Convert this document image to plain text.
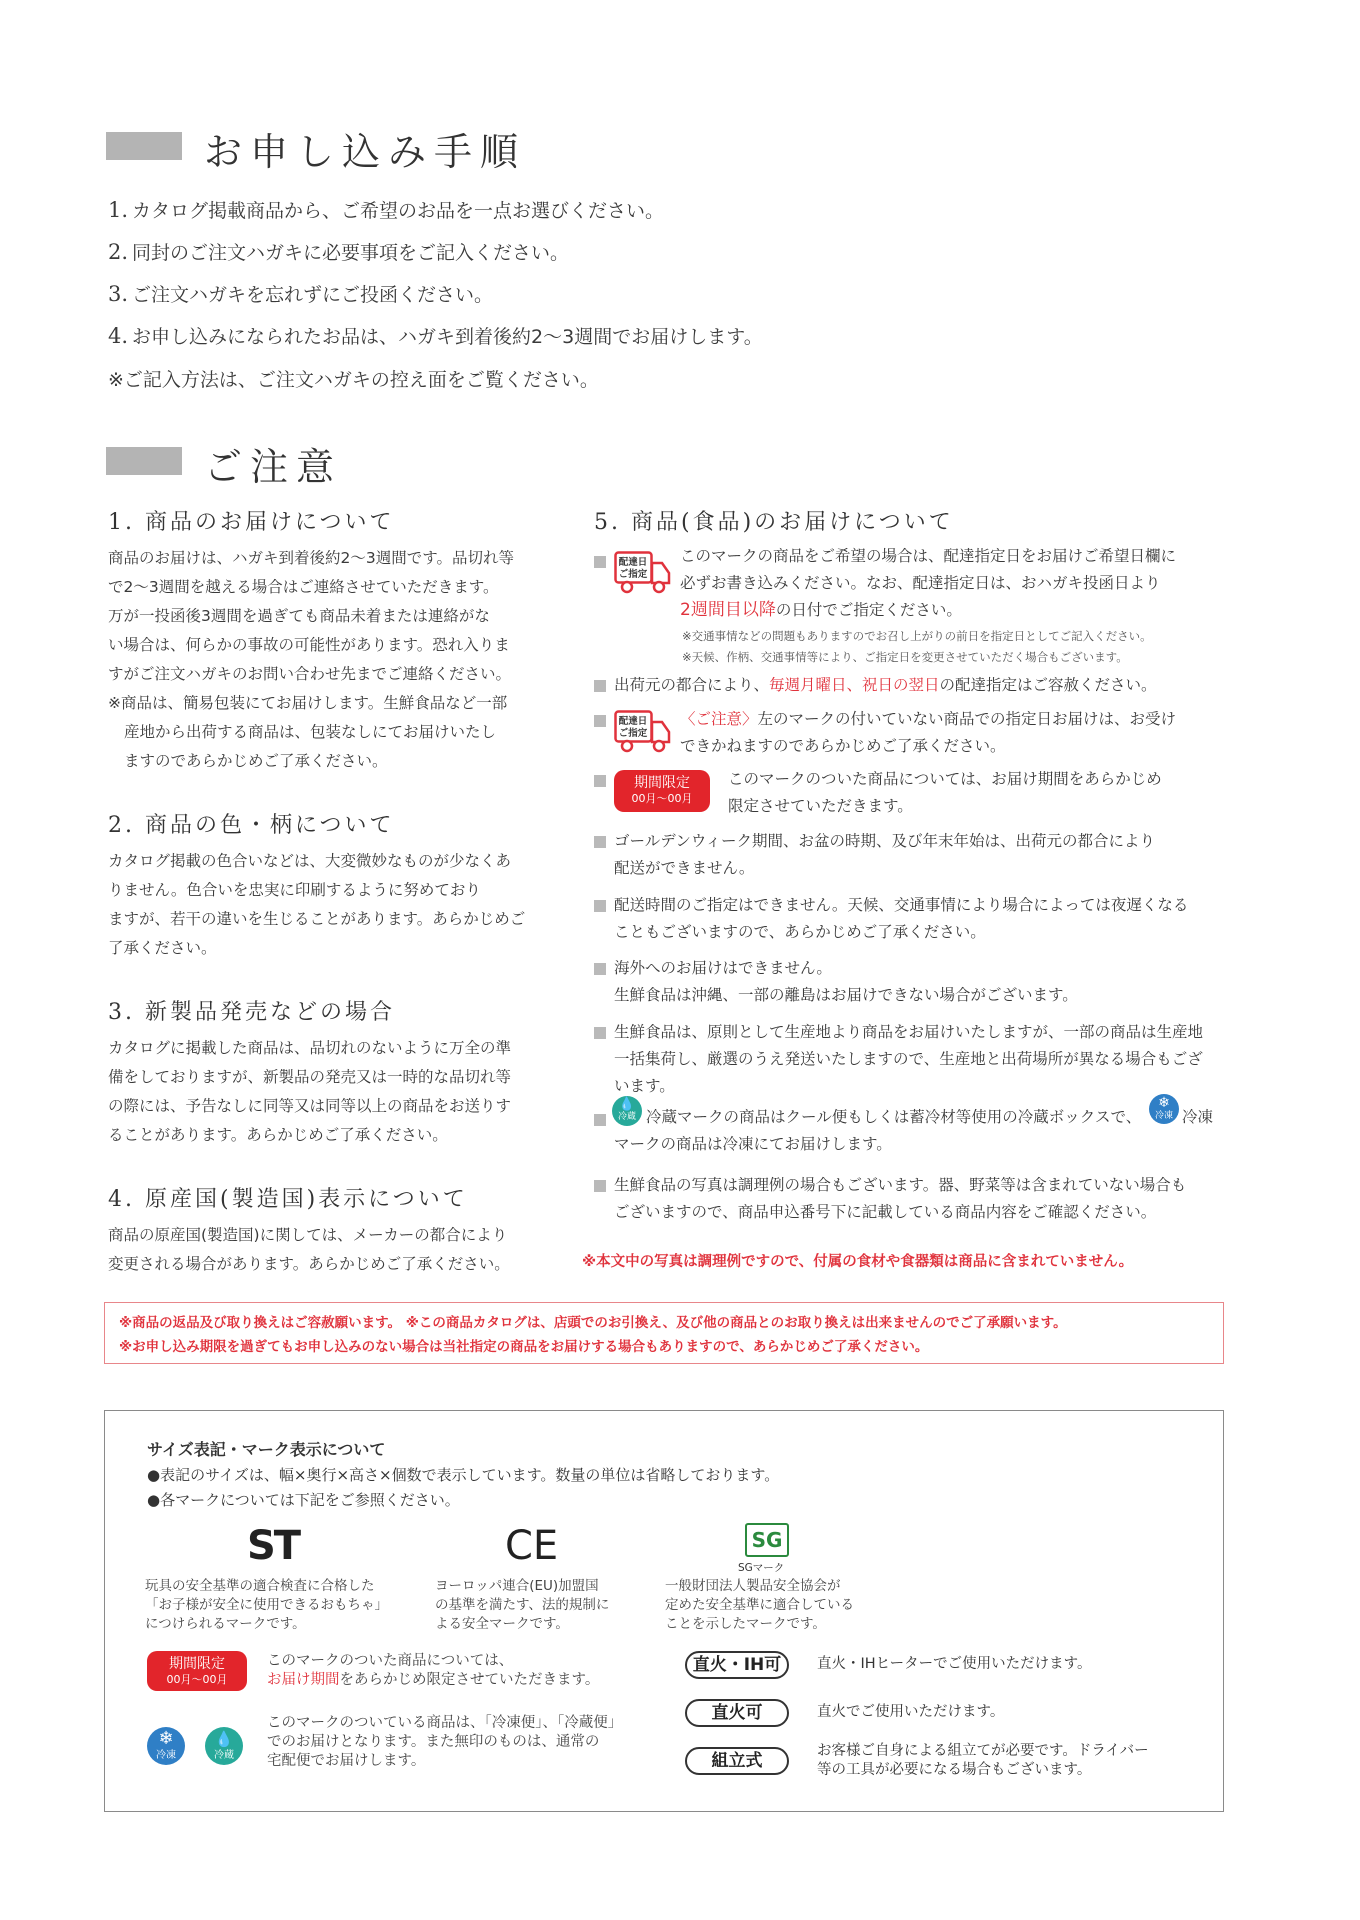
お申し込み手順
1. カタログ掲載商品から、ご希望のお品を一点お選びください。
2. 同封のご注文ハガキに必要事項をご記入ください。
3. ご注文ハガキを忘れずにご投函ください。
4. お申し込みになられたお品は、ハガキ到着後約2〜3週間でお届けします。
※ご記入方法は、ご注文ハガキの控え面をご覧ください。
ご注意
1. 商品のお届けについて
商品のお届けは、ハガキ到着後約2〜3週間です。品切れ等
で2〜3週間を越える場合はご連絡させていただきます。
万が一投函後3週間を過ぎても商品未着または連絡がな
い場合は、何らかの事故の可能性があります。恐れ入りま
すがご注文ハガキのお問い合わせ先までご連絡ください。
※商品は、簡易包装にてお届けします。生鮮食品など一部
産地から出荷する商品は、包装なしにてお届けいたし
ますのであらかじめご了承ください。
2. 商品の色・柄について
カタログ掲載の色合いなどは、大変微妙なものが少なくあ
りません。色合いを忠実に印刷するように努めており
ますが、若干の違いを生じることがあります。あらかじめご
了承ください。
3. 新製品発売などの場合
カタログに掲載した商品は、品切れのないように万全の準
備をしておりますが、新製品の発売又は一時的な品切れ等
の際には、予告なしに同等又は同等以上の商品をお送りす
ることがあります。あらかじめご了承ください。
4. 原産国(製造国)表示について
商品の原産国(製造国)に関しては、メーカーの都合により
変更される場合があります。あらかじめご了承ください。
5. 商品(食品)のお届けについて
配達日
ご指定
このマークの商品をご希望の場合は、配達指定日をお届けご希望日欄に
必ずお書き込みください。なお、配達指定日は、おハガキ投函日より
2週間目以降の日付でご指定ください。
※交通事情などの問題もありますのでお召し上がりの前日を指定日としてご記入ください。
※天候、作柄、交通事情等により、ご指定日を変更させていただく場合もございます。
出荷元の都合により、毎週月曜日、祝日の翌日の配達指定はご容赦ください。
配達日
ご指定
〈ご注意〉左のマークの付いていない商品での指定日お届けは、お受け
できかねますのであらかじめご了承ください。
期間限定
00月〜00月
このマークのついた商品については、お届け期間をあらかじめ
限定させていただきます。
ゴールデンウィーク期間、お盆の時期、及び年末年始は、出荷元の都合により
配送ができません。
配送時間のご指定はできません。天候、交通事情により場合によっては夜遅くなる
こともございますので、あらかじめご了承ください。
海外へのお届けはできません。
生鮮食品は沖縄、一部の離島はお届けできない場合がございます。
生鮮食品は、原則として生産地より商品をお届けいたしますが、一部の商品は生産地
一括集荷し、厳選のうえ発送いたしますので、生産地と出荷場所が異なる場合もござ
います。
💧
冷蔵 冷蔵マークの商品はクール便もしくは蓄冷材等使用の冷蔵ボックスで、
❄
冷凍 冷凍
マークの商品は冷凍にてお届けします。
生鮮食品の写真は調理例の場合もございます。器、野菜等は含まれていない場合も
ございますので、商品申込番号下に記載している商品内容をご確認ください。
※本文中の写真は調理例ですので、付属の食材や食器類は商品に含まれていません。
※商品の返品及び取り換えはご容赦願います。 ※この商品カタログは、店頭でのお引換え、及び他の商品とのお取り換えは出来ませんのでご了承願います。
※お申し込み期限を過ぎてもお申し込みのない場合は当社指定の商品をお届けする場合もありますので、あらかじめご了承ください。
サイズ表記・マーク表示について
●表記のサイズは、幅×奥行×高さ×個数で表示しています。数量の単位は省略しております。
●各マークについては下記をご参照ください。
ST
玩具の安全基準の適合検査に合格した
「お子様が安全に使用できるおもちゃ」
につけられるマークです。
CE
ヨーロッパ連合(EU)加盟国
の基準を満たす、法的規制に
よる安全マークです。
SG
SGマーク
一般財団法人製品安全協会が
定めた安全基準に適合している
ことを示したマークです。
期間限定
00月〜00月
このマークのついた商品については、
お届け期間をあらかじめ限定させていただきます。
❄
冷凍
💧
冷蔵
このマークのついている商品は、「冷凍便」、「冷蔵便」
でのお届けとなります。また無印のものは、通常の
宅配便でお届けします。
直火・IH可	直火・IHヒーターでご使用いただけます。
直火可	直火でご使用いただけます。
組立式	お客様ご自身による組立てが必要です。ドライバー
等の工具が必要になる場合もございます。
